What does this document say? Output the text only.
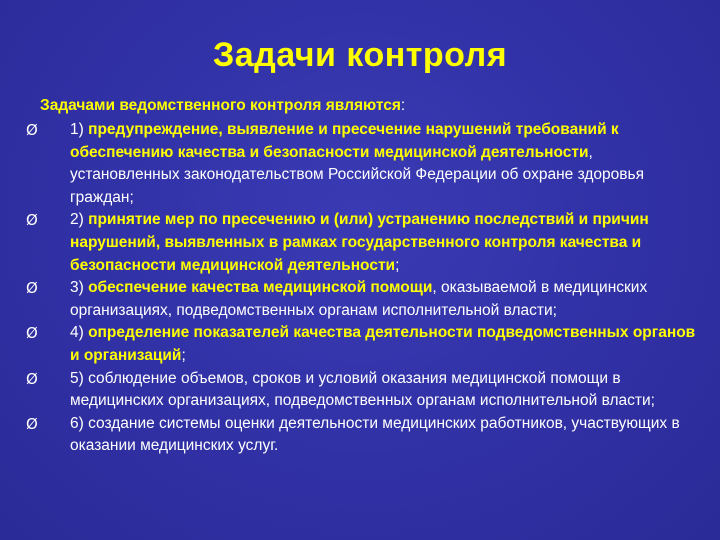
Задачи контроля
Задачами ведомственного контроля являются:
Ø 1) предупреждение, выявление и пресечение нарушений требований к обеспечению качества и безопасности медицинской деятельности, установленных законодательством Российской Федерации об охране здоровья граждан;
Ø 2) принятие мер по пресечению и (или) устранению последствий и причин нарушений, выявленных в рамках государственного контроля качества и безопасности медицинской деятельности;
Ø 3) обеспечение качества медицинской помощи, оказываемой в медицинских организациях, подведомственных органам исполнительной власти;
Ø 4) определение показателей качества деятельности подведомственных органов и организаций;
Ø 5) соблюдение объемов, сроков и условий оказания медицинской помощи в медицинских организациях, подведомственных органам исполнительной власти;
Ø 6) создание системы оценки деятельности медицинских работников, участвующих в оказании медицинских услуг.
